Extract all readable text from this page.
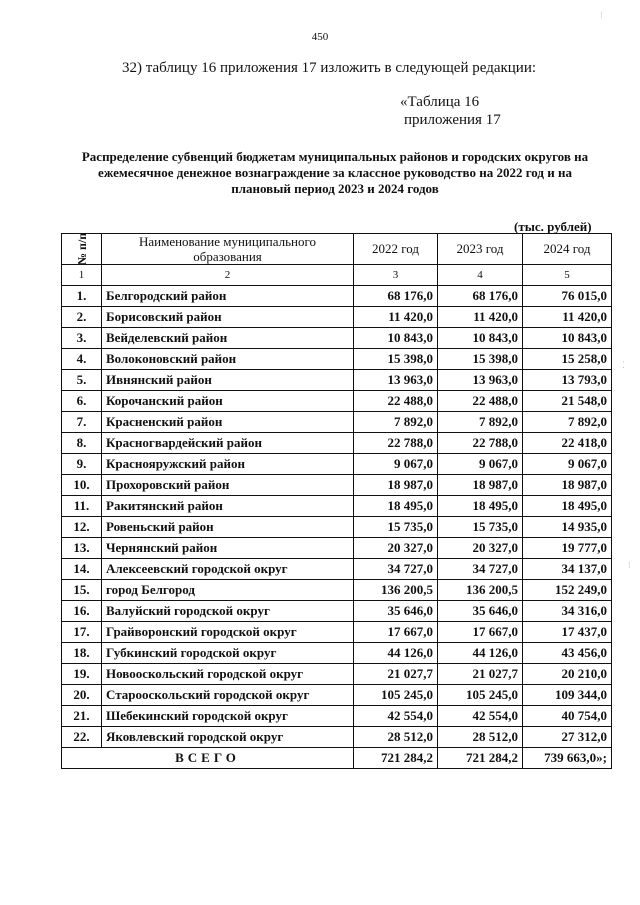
450
32) таблицу 16 приложения 17 изложить в следующей редакции:
«Таблица 16
приложения 17
Распределение субвенций бюджетам муниципальных районов и городских округов на ежемесячное денежное вознаграждение за классное руководство на 2022 год и на плановый период 2023 и 2024 годов
(тыс. рублей)
№ п/п	Наименование муниципального образования	2022 год	2023 год	2024 год
1	2	3	4	5
1.	Белгородский район	68 176,0	68 176,0	76 015,0
2.	Борисовский район	11 420,0	11 420,0	11 420,0
3.	Вейделевский район	10 843,0	10 843,0	10 843,0
4.	Волоконовский район	15 398,0	15 398,0	15 258,0
5.	Ивнянский район	13 963,0	13 963,0	13 793,0
6.	Корочанский район	22 488,0	22 488,0	21 548,0
7.	Красненский район	7 892,0	7 892,0	7 892,0
8.	Красногвардейский район	22 788,0	22 788,0	22 418,0
9.	Краснояружский район	9 067,0	9 067,0	9 067,0
10.	Прохоровский район	18 987,0	18 987,0	18 987,0
11.	Ракитянский район	18 495,0	18 495,0	18 495,0
12.	Ровеньский район	15 735,0	15 735,0	14 935,0
13.	Чернянский район	20 327,0	20 327,0	19 777,0
14.	Алексеевский городской округ	34 727,0	34 727,0	34 137,0
15.	город Белгород	136 200,5	136 200,5	152 249,0
16.	Валуйский городской округ	35 646,0	35 646,0	34 316,0
17.	Грайворонский городской округ	17 667,0	17 667,0	17 437,0
18.	Губкинский городской округ	44 126,0	44 126,0	43 456,0
19.	Новооскольский городской округ	21 027,7	21 027,7	20 210,0
20.	Старооскольский городской округ	105 245,0	105 245,0	109 344,0
21.	Шебекинский городской округ	42 554,0	42 554,0	40 754,0
22.	Яковлевский городской округ	28 512,0	28 512,0	27 312,0
ВСЕГО		721 284,2	721 284,2	739 663,0»;
⁝
⁚
⁝
